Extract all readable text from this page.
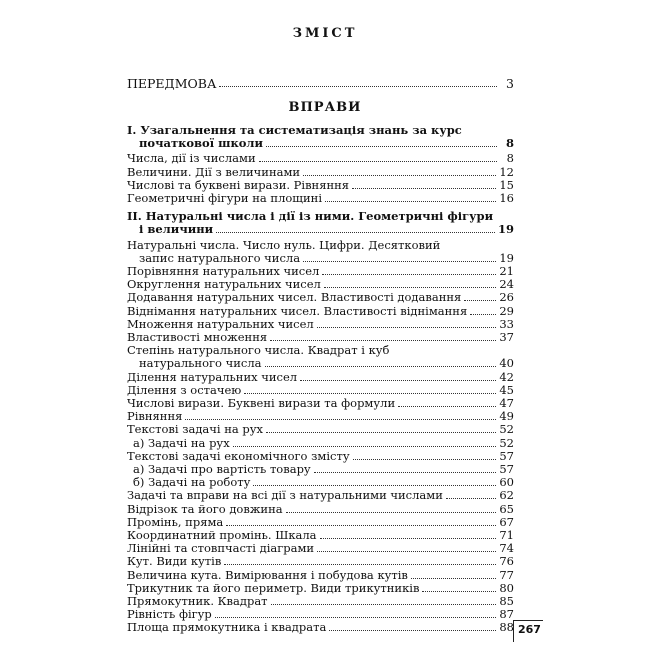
ЗМІСТ
ПЕРЕДМОВА	3
ВПРАВИ
I. Узагальнення та систематизація знань за курс
початкової школи	8
Числа, дії із числами	8
Величини. Дії з величинами	12
Числові та буквені вирази. Рівняння	15
Геометричні фігури на площині	16
II. Натуральні числа і дії із ними. Геометричні фігури
і величини	19
Натуральні числа. Число нуль. Цифри. Десятковий
запис натурального числа	19
Порівняння натуральних чисел	21
Округлення натуральних чисел	24
Додавання натуральних чисел. Властивості додавання	26
Віднімання натуральних чисел. Властивості віднімання	29
Множення натуральних чисел	33
Властивості множення	37
Степінь натурального числа. Квадрат і куб
натурального числа	40
Ділення натуральних чисел	42
Ділення з остачею	45
Числові вирази. Буквені вирази та формули	47
Рівняння	49
Текстові задачі на рух	52
а) Задачі на рух	52
Текстові задачі економічного змісту	57
а) Задачі про вартість товару	57
б) Задачі на роботу	60
Задачі та вправи на всі дії з натуральними числами	62
Відрізок та його довжина	65
Промінь, пряма	67
Координатний промінь. Шкала	71
Лінійні та стовпчасті діаграми	74
Кут. Види кутів	76
Величина кута. Вимірювання і побудова кутів	77
Трикутник та його периметр. Види трикутників	80
Прямокутник. Квадрат	85
Рівність фігур	87
Площа прямокутника і квадрата	88 267
